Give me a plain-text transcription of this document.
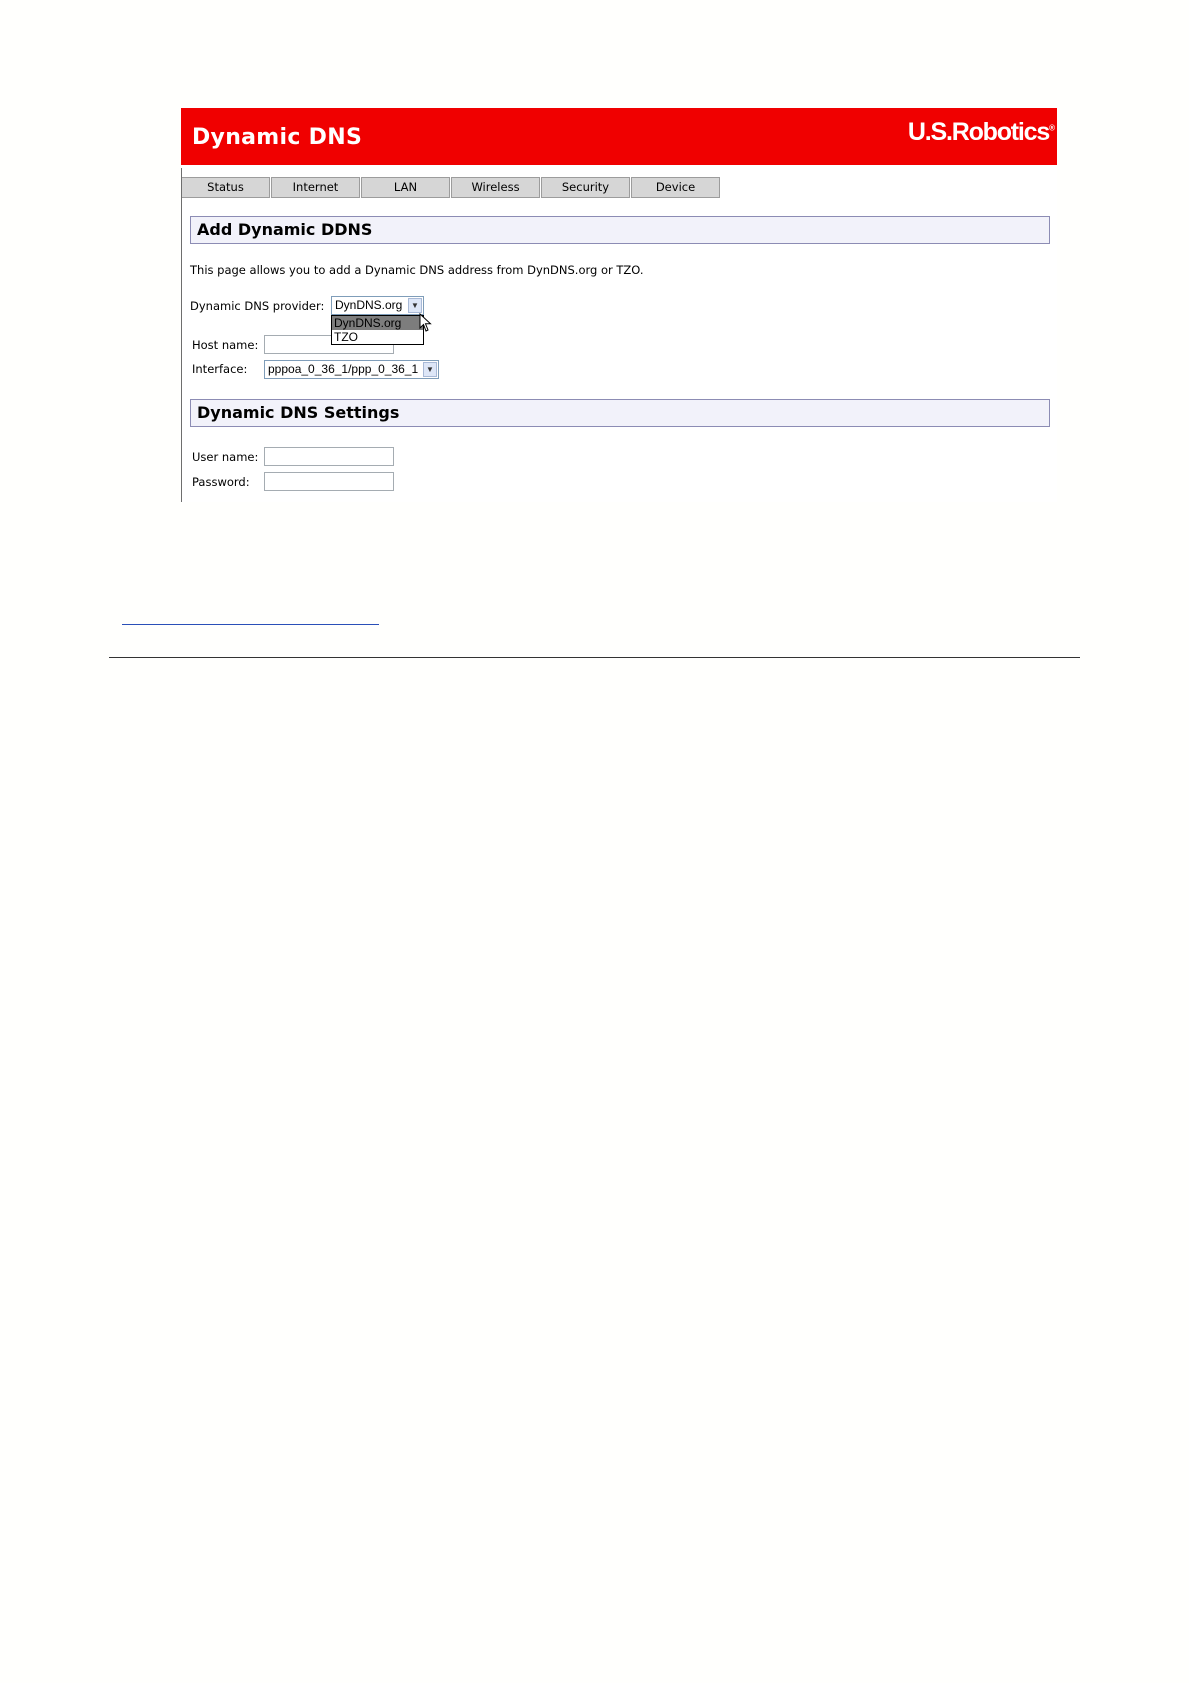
Dynamic DNS	U.S.Robotics®
Status	Internet	LAN	Wireless	Security	Device
Add Dynamic DDNS
This page allows you to add a Dynamic DNS address from DynDNS.org or TZO.
Dynamic DNS provider: DynDNS.org	▼
DynDNS.org
TZO
Host name:
Interface:	pppoa_0_36_1/ppp_0_36_1 ▼
Dynamic DNS Settings
User name:
Password:
